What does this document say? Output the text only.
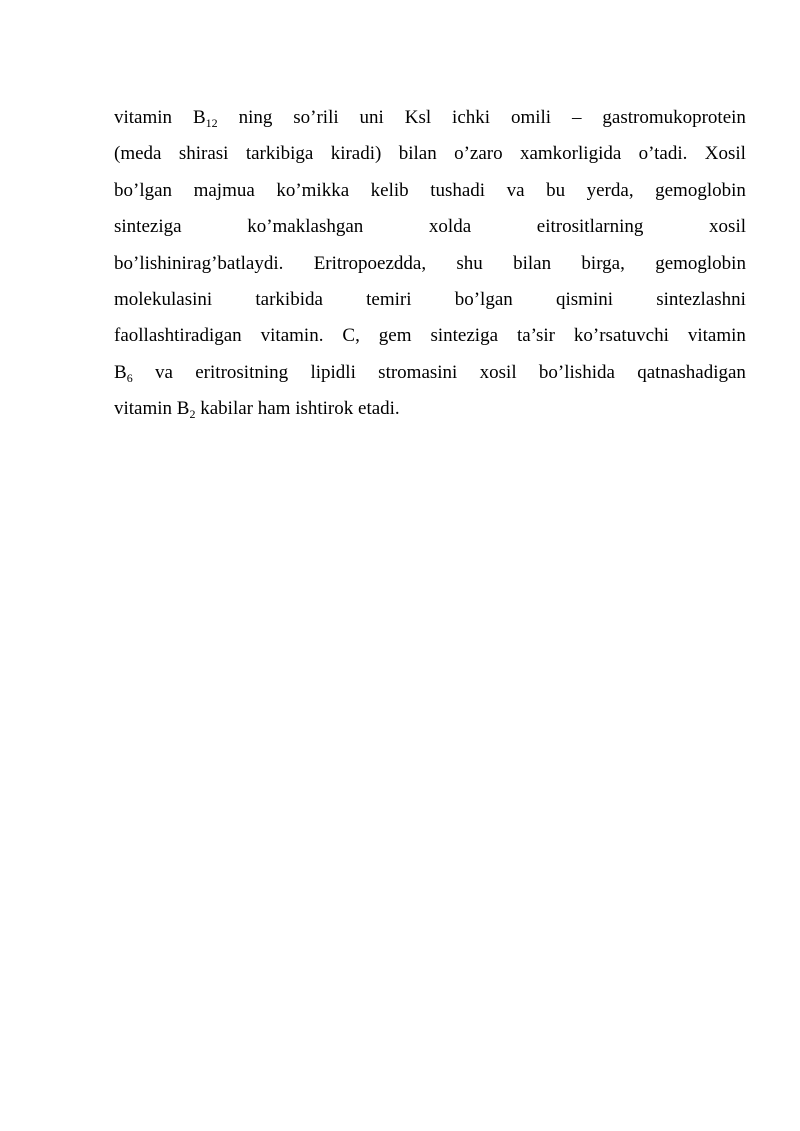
vitamin $B_{12}$ ning so’rili uni Ksl ichki omili – gastromukoprotein
(meda shirasi tarkibiga kiradi) bilan o’zaro xamkorligida o’tadi. Xosil
bo’lgan majmua ko’mikka kelib tushadi va bu yerda, gemoglobin
sinteziga	ko’maklashgan	xolda	eitrositlarning	xosil
bo’lishinirag’batlaydi. Eritropoezdda, shu bilan birga, gemoglobin
molekulasini tarkibida temiri bo’lgan qismini sintezlashni
faollashtiradigan vitamin. C, gem sinteziga ta’sir ko’rsatuvchi vitamin
$B_6$ va eritrositning lipidli stromasini xosil bo’lishida qatnashadigan
vitamin $B_2$ kabilar ham ishtirok etadi.
